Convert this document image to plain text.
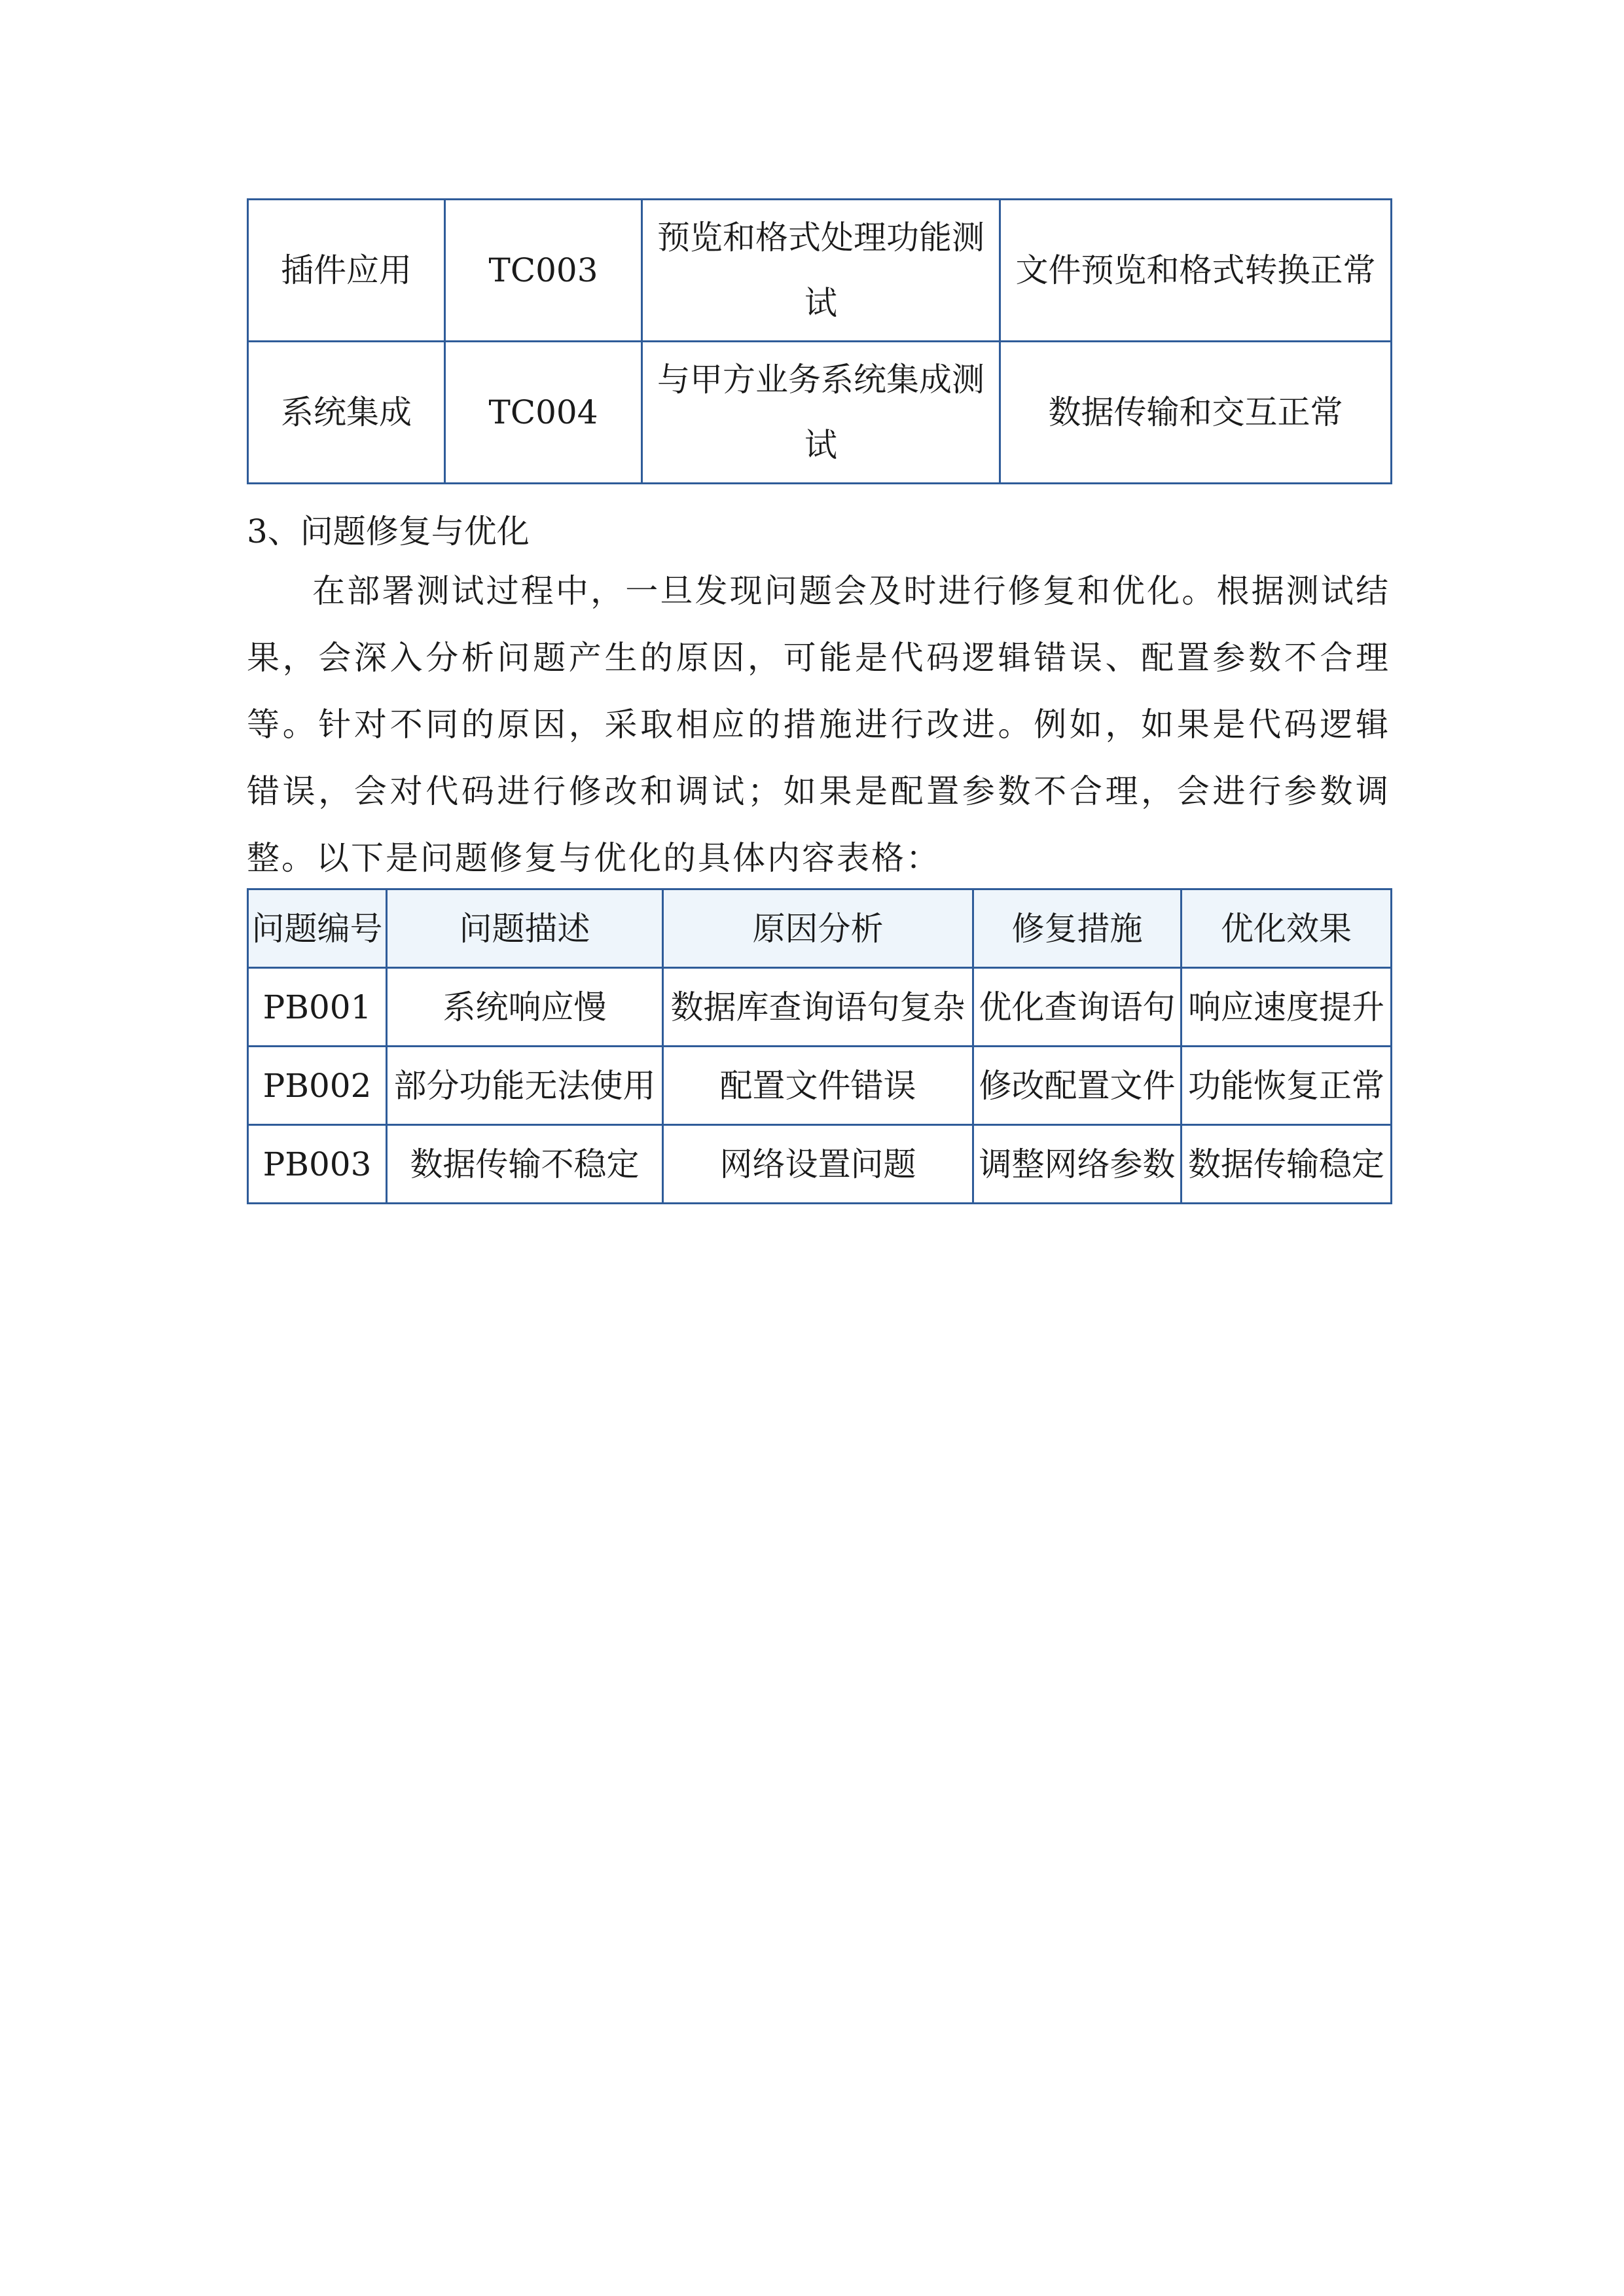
插件应用	TC003	预览和格式处理功能测试	文件预览和格式转换正常
系统集成	TC004	与甲方业务系统集成测试	数据传输和交互正常
3、问题修复与优化
在部署测试过程中，一旦发现问题会及时进行修复和优化。根据测试结果，会深入分析问题产生的原因，可能是代码逻辑错误、配置参数不合理等。针对不同的原因，采取相应的措施进行改进。例如，如果是代码逻辑错误，会对代码进行修改和调试；如果是配置参数不合理，会进行参数调整。以下是问题修复与优化的具体内容表格：
问题编号	问题描述	原因分析	修复措施	优化效果
PB001	系统响应慢	数据库查询语句复杂	优化查询语句	响应速度提升
PB002	部分功能无法使用	配置文件错误	修改配置文件	功能恢复正常
PB003	数据传输不稳定	网络设置问题	调整网络参数	数据传输稳定
